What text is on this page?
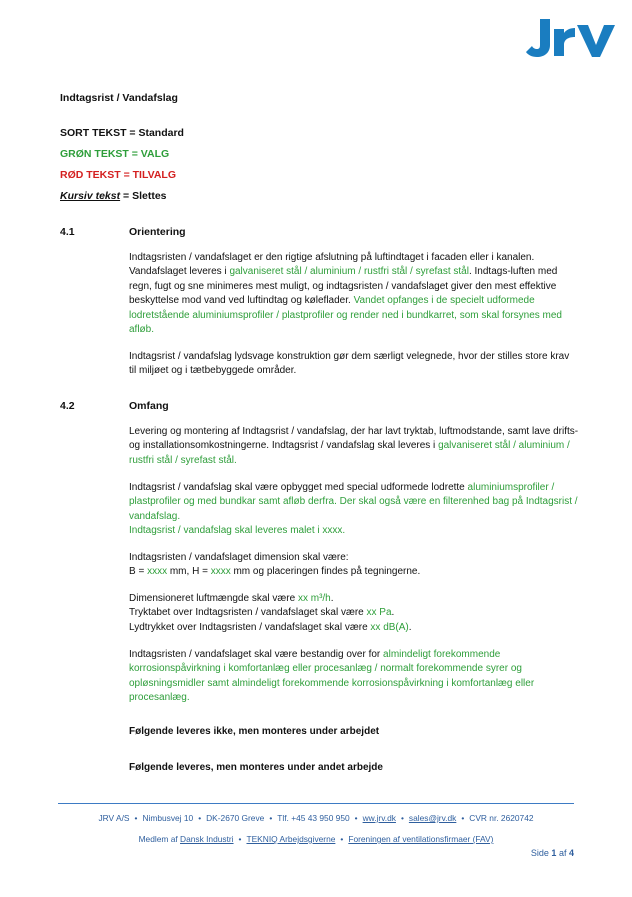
Indtagsrist / Vandafslag
SORT TEKST = Standard
GRØN TEKST = VALG
RØD TEKST = TILVALG
Kursiv tekst = Slettes
4.1	Orientering

Indtagsristen / vandafslaget er den rigtige afslutning på luftindtaget i facaden eller i kanalen. Vandafslaget leveres i galvaniseret stål / aluminium / rustfri stål / syrefast stål. Indtags-luften med regn, fugt og sne minimeres mest muligt, og indtagsristen / vandafslaget giver den mest effektive beskyttelse mod vand ved luftindtag og køleflader. Vandet opfanges i de specielt udformede lodretstående aluminiumsprofiler / plastprofiler og render ned i bundkarret, som skal forsynes med afløb.

Indtagsrist / vandafslag lydsvage konstruktion gør dem særligt velegnede, hvor der stilles store krav til miljøet og i tætbebyggede områder.
4.2	Omfang

Levering og montering af Indtagsrist / vandafslag, der har lavt tryktab, luftmodstande, samt lave drifts- og installationsomkostningerne. Indtagsrist / vandafslag skal leveres i galvaniseret stål / aluminium / rustfri stål / syrefast stål.

Indtagsrist / vandafslag skal være opbygget med special udformede lodrette aluminiumsprofiler / plastprofiler og med bundkar samt afløb derfra. Der skal også være en filterenhed bag på Indtagsrist / vandafslag.
Indtagsrist / vandafslag skal leveres malet i xxxx.

Indtagsristen / vandafslaget dimension skal være:
B = xxxx mm, H = xxxx mm og placeringen findes på tegningerne.

Dimensioneret luftmængde skal være xx m³/h.
Tryktabet over Indtagsristen / vandafslaget skal være xx Pa.
Lydtrykket over Indtagsristen / vandafslaget skal være xx dB(A).

Indtagsristen / vandafslaget skal være bestandig over for almindeligt forekommende korrosionspåvirkning i komfortanlæg eller procesanlæg / normalt forekommende syrer og opløsningsmidler samt almindeligt forekommende korrosionspåvirkning i komfortanlæg eller procesanlæg.

Følgende leveres ikke, men monteres under arbejdet
Følgende leveres, men monteres under andet arbejde
JRV A/S • Nimbusvej 10 • DK-2670 Greve • Tlf. +45 43 950 950 • ww.jrv.dk • sales@jrv.dk • CVR nr. 2620742
Medlem af Dansk Industri • TEKNIQ Arbejdsgiverne • Foreningen af ventilationsfirmaer (FAV)
Side 1 af 4
